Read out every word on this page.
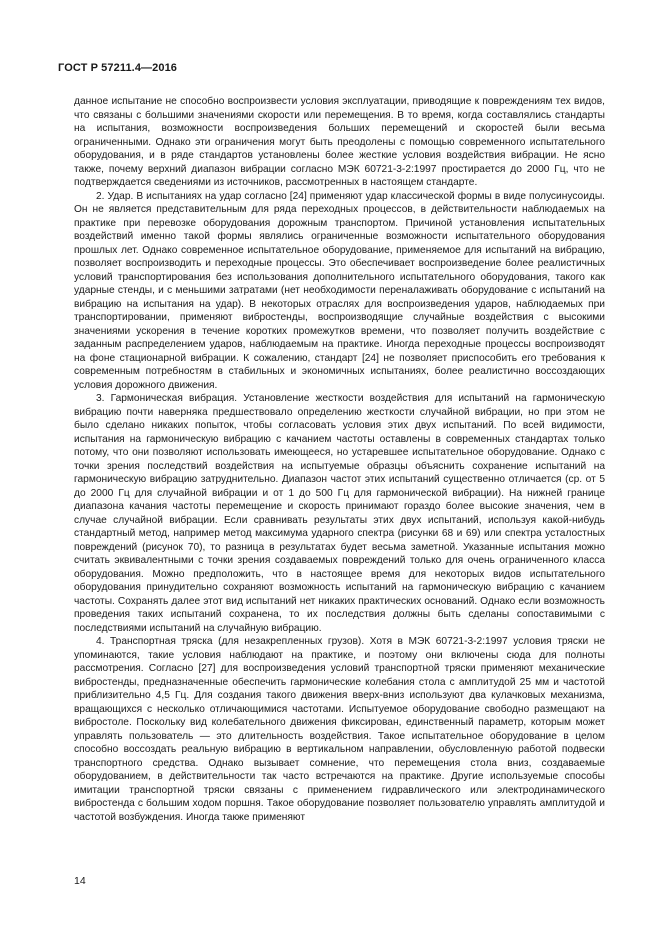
ГОСТ Р 57211.4—2016

данное испытание не способно воспроизвести условия эксплуатации, приводящие к повреждениям тех видов, что связаны с большими значениями скорости или перемещения. В то время, когда составлялись стандарты на испытания, возможности воспроизведения больших перемещений и скоростей были весьма ограниченными. Однако эти ограничения могут быть преодолены с помощью современного испытательного оборудования, и в ряде стандартов установлены более жесткие условия воздействия вибрации. Не ясно также, почему верхний диапазон вибрации согласно МЭК 60721-3-2:1997 простирается до 2000 Гц, что не подтверждается сведениями из источников, рассмотренных в настоящем стандарте.

2. Удар. В испытаниях на удар согласно [24] применяют удар классической формы в виде полусинусоиды. Он не является представительным для ряда переходных процессов, в действительности наблюдаемых на практике при перевозке оборудования дорожным транспортом. Причиной установления испытательных воздействий именно такой формы являлись ограниченные возможности испытательного оборудования прошлых лет. Однако современное испытательное оборудование, применяемое для испытаний на вибрацию, позволяет воспроизводить и переходные процессы. Это обеспечивает воспроизведение более реалистичных условий транспортирования без использования дополнительного испытательного оборудования, такого как ударные стенды, и с меньшими затратами (нет необходимости переналаживать оборудование с испытаний на вибрацию на испытания на удар). В некоторых отраслях для воспроизведения ударов, наблюдаемых при транспортировании, применяют вибростенды, воспроизводящие случайные воздействия с высокими значениями ускорения в течение коротких промежутков времени, что позволяет получить воздействие с заданным распределением ударов, наблюдаемым на практике. Иногда переходные процессы воспроизводят на фоне стационарной вибрации. К сожалению, стандарт [24] не позволяет приспособить его требования к современным потребностям в стабильных и экономичных испытаниях, более реалистично воссоздающих условия дорожного движения.

3. Гармоническая вибрация. Установление жесткости воздействия для испытаний на гармоническую вибрацию почти наверняка предшествовало определению жесткости случайной вибрации, но при этом не было сделано никаких попыток, чтобы согласовать условия этих двух испытаний. По всей видимости, испытания на гармоническую вибрацию с качанием частоты оставлены в современных стандартах только потому, что они позволяют использовать имеющееся, но устаревшее испытательное оборудование. Однако с точки зрения последствий воздействия на испытуемые образцы объяснить сохранение испытаний на гармоническую вибрацию затруднительно. Диапазон частот этих испытаний существенно отличается (ср. от 5 до 2000 Гц для случайной вибрации и от 1 до 500 Гц для гармонической вибрации). На нижней границе диапазона качания частоты перемещение и скорость принимают гораздо более высокие значения, чем в случае случайной вибрации. Если сравнивать результаты этих двух испытаний, используя какой-нибудь стандартный метод, например метод максимума ударного спектра (рисунки 68 и 69) или спектра усталостных повреждений (рисунок 70), то разница в результатах будет весьма заметной. Указанные испытания можно считать эквивалентными с точки зрения создаваемых повреждений только для очень ограниченного класса оборудования. Можно предположить, что в настоящее время для некоторых видов испытательного оборудования принудительно сохраняют возможность испытаний на гармоническую вибрацию с качанием частоты. Сохранять далее этот вид испытаний нет никаких практических оснований. Однако если возможность проведения таких испытаний сохранена, то их последствия должны быть сделаны сопоставимыми с последствиями испытаний на случайную вибрацию.

4. Транспортная тряска (для незакрепленных грузов). Хотя в МЭК 60721-3-2:1997 условия тряски не упоминаются, такие условия наблюдают на практике, и поэтому они включены сюда для полноты рассмотрения. Согласно [27] для воспроизведения условий транспортной тряски применяют механические вибростенды, предназначенные обеспечить гармонические колебания стола с амплитудой 25 мм и частотой приблизительно 4,5 Гц. Для создания такого движения вверх-вниз используют два кулачковых механизма, вращающихся с несколько отличающимися частотами. Испытуемое оборудование свободно размещают на вибростоле. Поскольку вид колебательного движения фиксирован, единственный параметр, которым может управлять пользователь — это длительность воздействия. Такое испытательное оборудование в целом способно воссоздать реальную вибрацию в вертикальном направлении, обусловленную работой подвески транспортного средства. Однако вызывает сомнение, что перемещения стола вниз, создаваемые оборудованием, в действительности так часто встречаются на практике. Другие используемые способы имитации транспортной тряски связаны с применением гидравлического или электродинамического вибростенда с большим ходом поршня. Такое оборудование позволяет пользователю управлять амплитудой и частотой возбуждения. Иногда также применяют

14
